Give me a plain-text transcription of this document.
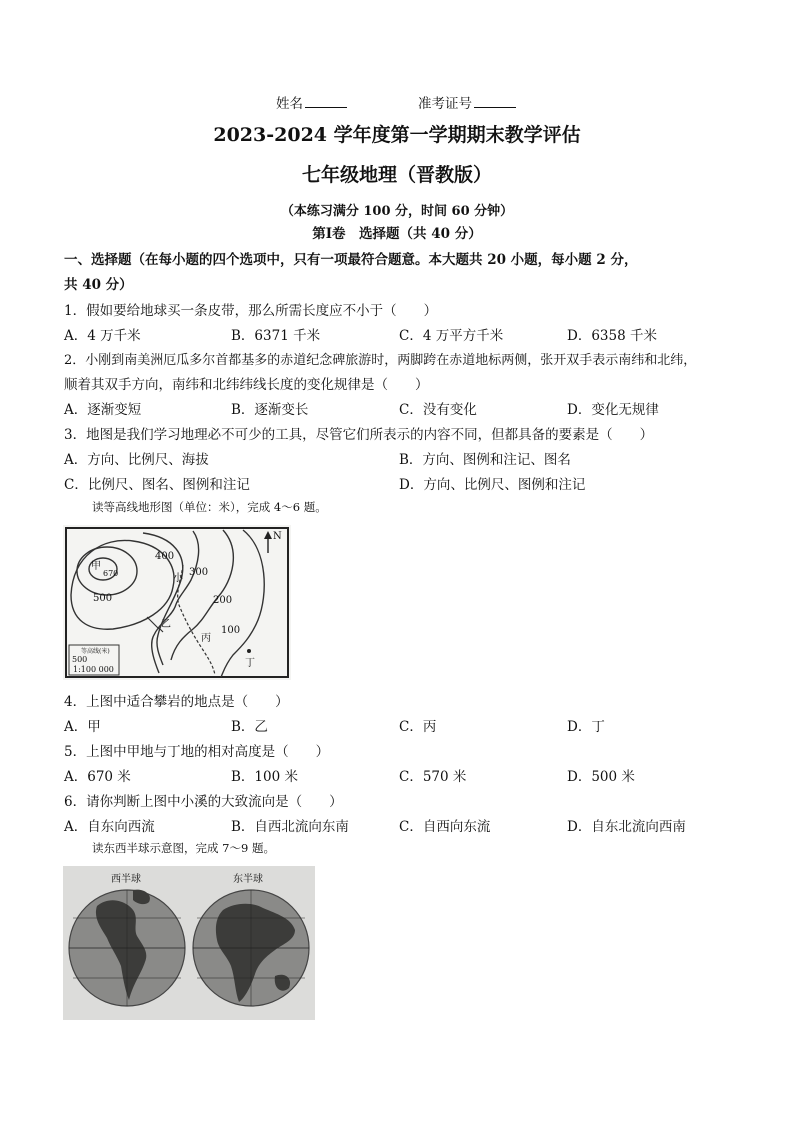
姓名	准考证号
2023-2024 学年度第一学期期末教学评估
七年级地理（晋教版）
（本练习满分 100 分，时间 60 分钟）
第Ⅰ卷　选择题（共 40 分）
一、选择题（在每小题的四个选项中，只有一项最符合题意。本大题共 20 小题，每小题 2 分，
共 40 分）
1．假如要给地球买一条皮带，那么所需长度应不小于（　　）
A．4 万千米	B．6371 千米	C．4 万平方千米	D．6358 千米
2．小刚到南美洲厄瓜多尔首都基多的赤道纪念碑旅游时，两脚跨在赤道地标两侧，张开双手表示南纬和北纬，
顺着其双手方向，南纬和北纬纬线长度的变化规律是（　　）
A．逐渐变短	B．逐渐变长	C．没有变化	D．变化无规律
3．地图是我们学习地理必不可少的工具，尽管它们所表示的内容不同，但都具备的要素是（　　）
A．方向、比例尺、海拔	B．方向、图例和注记、图名
C．比例尺、图名、图例和注记	D．方向、比例尺、图例和注记
读等高线地形图（单位：米），完成 4～6 题。
甲
670
400
300
200
100
500
小
乙
丙
丁
N
等高线(米)
500
1:100 000
4．上图中适合攀岩的地点是（　　）
A．甲	B．乙	C．丙	D．丁
5．上图中甲地与丁地的相对高度是（　　）
A．670 米	B．100 米	C．570 米	D．500 米
6．请你判断上图中小溪的大致流向是（　　）
A．自东向西流	B．自西北流向东南	C．自西向东流	D．自东北流向西南
读东西半球示意图，完成 7～9 题。
西半球	东半球
